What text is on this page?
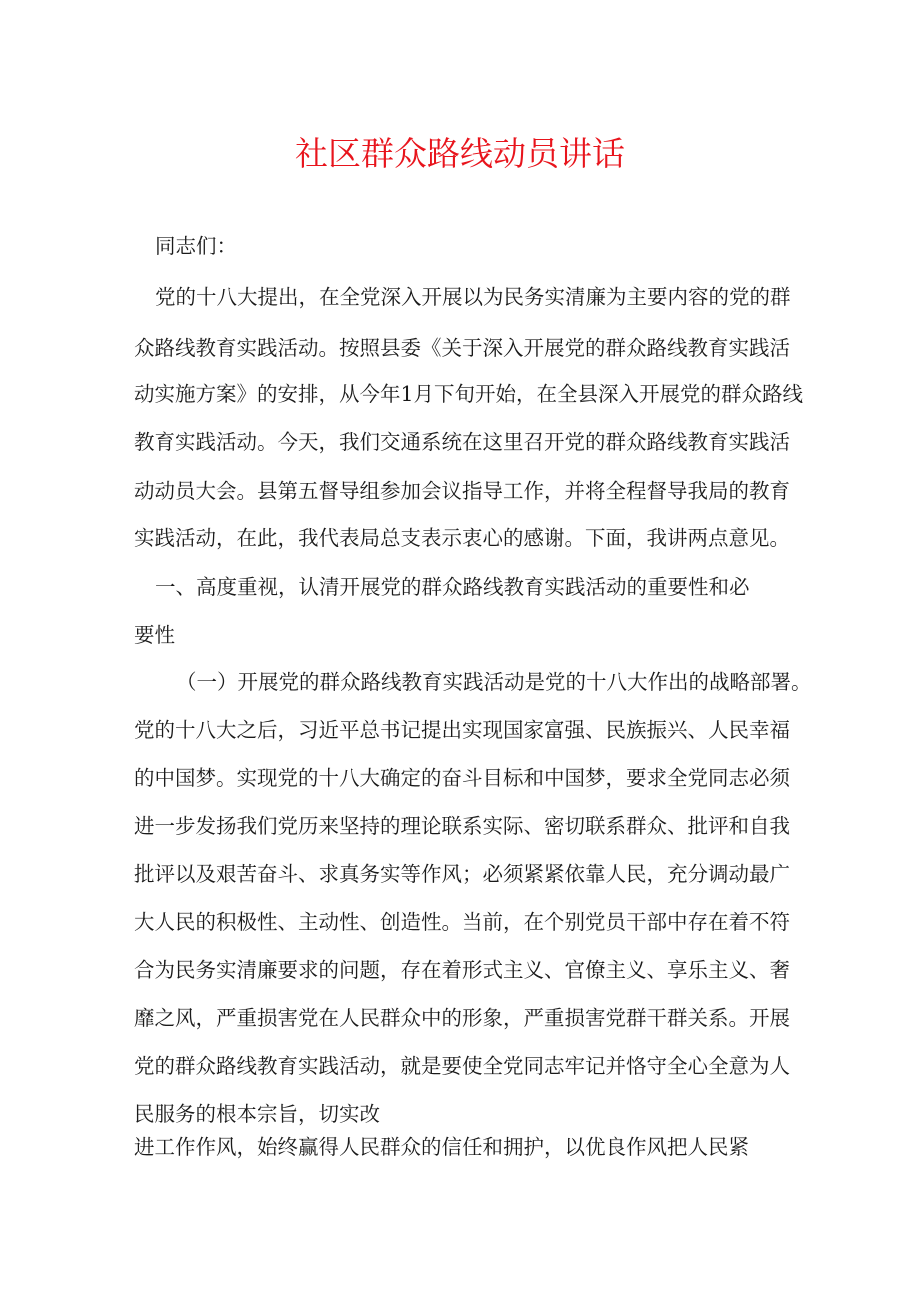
社区群众路线动员讲话

同志们：

党的十八大提出，在全党深入开展以为民务实清廉为主要内容的党的群

众路线教育实践活动。按照县委《关于深入开展党的群众路线教育实践活

动实施方案》的安排，从今年1月下旬开始，在全县深入开展党的群众路线

教育实践活动。今天，我们交通系统在这里召开党的群众路线教育实践活

动动员大会。县第五督导组参加会议指导工作，并将全程督导我局的教育

实践活动，在此，我代表局总支表示衷心的感谢。下面，我讲两点意见。

一、高度重视，认清开展党的群众路线教育实践活动的重要性和必

要性

（一）开展党的群众路线教育实践活动是党的十八大作出的战略部署。

党的十八大之后，习近平总书记提出实现国家富强、民族振兴、人民幸福

的中国梦。实现党的十八大确定的奋斗目标和中国梦，要求全党同志必须

进一步发扬我们党历来坚持的理论联系实际、密切联系群众、批评和自我

批评以及艰苦奋斗、求真务实等作风；必须紧紧依靠人民，充分调动最广

大人民的积极性、主动性、创造性。当前，在个别党员干部中存在着不符

合为民务实清廉要求的问题，存在着形式主义、官僚主义、享乐主义、奢

靡之风，严重损害党在人民群众中的形象，严重损害党群干群关系。开展

党的群众路线教育实践活动，就是要使全党同志牢记并恪守全心全意为人

民服务的根本宗旨，切实改

进工作作风，始终赢得人民群众的信任和拥护，以优良作风把人民紧
